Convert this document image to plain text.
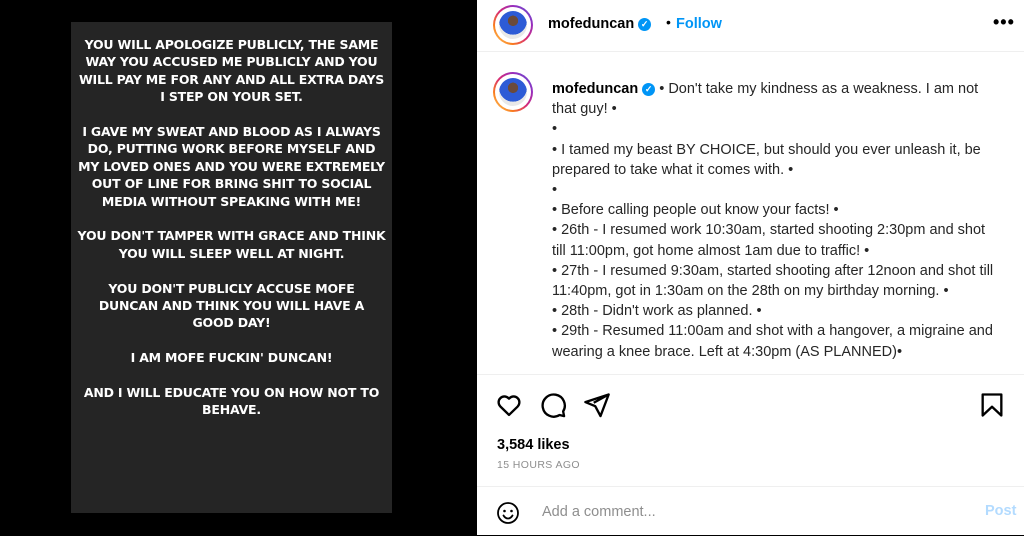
YOU WILL APOLOGIZE PUBLICLY, THE SAME WAY YOU ACCUSED ME PUBLICLY AND YOU WILL PAY ME FOR ANY AND ALL EXTRA DAYS I STEP ON YOUR SET.

I GAVE MY SWEAT AND BLOOD AS I ALWAYS DO, PUTTING WORK BEFORE MYSELF AND MY LOVED ONES AND YOU WERE EXTREMELY OUT OF LINE FOR BRING SHIT TO SOCIAL MEDIA WITHOUT SPEAKING WITH ME!

YOU DON'T TAMPER WITH GRACE AND THINK YOU WILL SLEEP WELL AT NIGHT.

YOU DON'T PUBLICLY ACCUSE MOFE DUNCAN AND THINK YOU WILL HAVE A GOOD DAY!

I AM MOFE FUCKIN' DUNCAN!

AND I WILL EDUCATE YOU ON HOW NOT TO BEHAVE.

mofeduncan ✓ • Follow	•••

mofeduncan ✓ • Don't take my kindness as a weakness. I am not that guy! •

•

• I tamed my beast BY CHOICE, but should you ever unleash it, be prepared to take what it comes with. •

•

• Before calling people out know your facts! •

• 26th - I resumed work 10:30am, started shooting 2:30pm and shot till 11:00pm, got home almost 1am due to traffic! •

• 27th - I resumed 9:30am, started shooting after 12noon and shot till 11:40pm, got in 1:30am on the 28th on my birthday morning. •

• 28th - Didn't work as planned. •

• 29th - Resumed 11:00am and shot with a hangover, a migraine and wearing a knee brace. Left at 4:30pm (AS PLANNED)•

3,584 likes
15 HOURS AGO
Add a comment...
Post
